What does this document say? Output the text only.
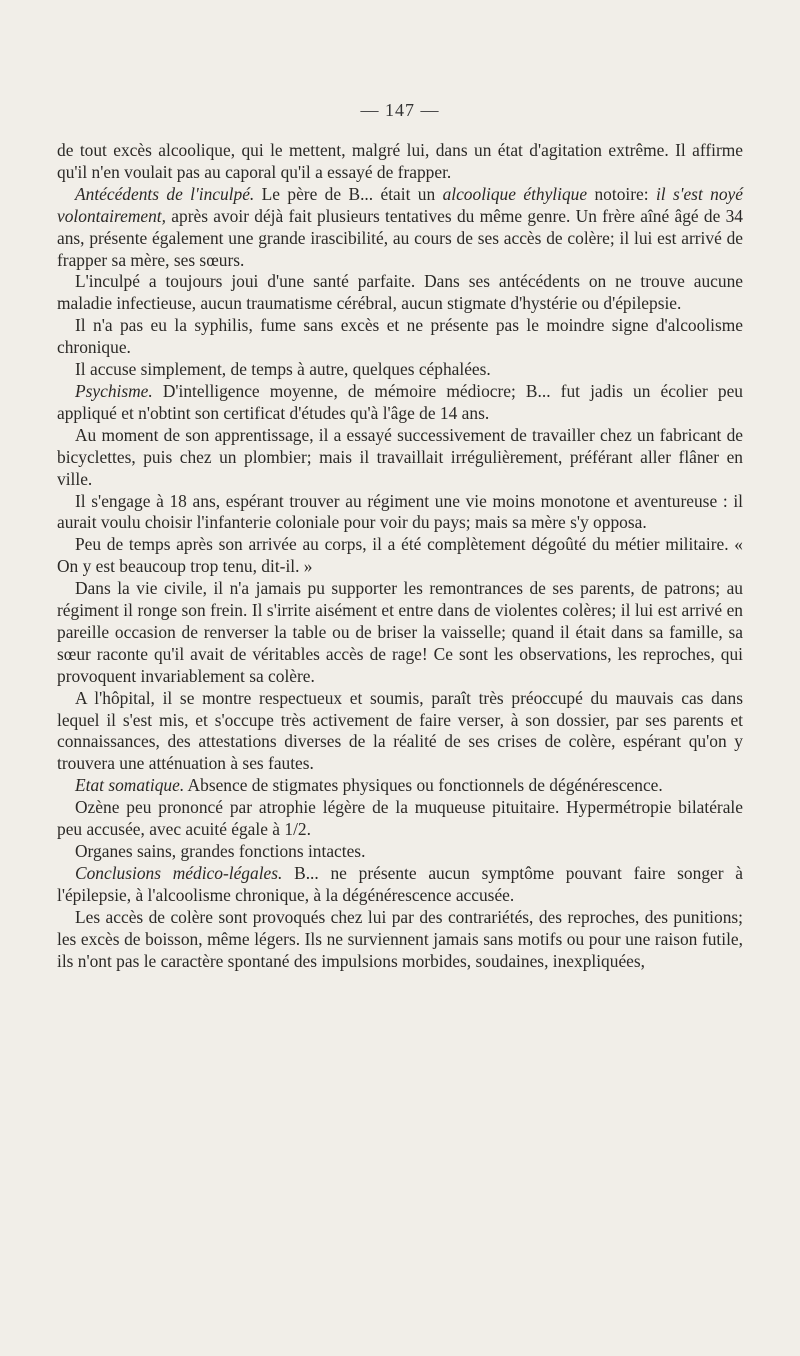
— 147 —

de tout excès alcoolique, qui le mettent, malgré lui, dans un état d'agitation extrême. Il affirme qu'il n'en voulait pas au caporal qu'il a essayé de frapper.

Antécédents de l'inculpé. Le père de B... était un alcoolique éthylique notoire: il s'est noyé volontairement, après avoir déjà fait plusieurs tentatives du même genre. Un frère aîné âgé de 34 ans, présente également une grande irascibilité, au cours de ses accès de colère; il lui est arrivé de frapper sa mère, ses sœurs.

L'inculpé a toujours joui d'une santé parfaite. Dans ses antécédents on ne trouve aucune maladie infectieuse, aucun traumatisme cérébral, aucun stigmate d'hystérie ou d'épilepsie.

Il n'a pas eu la syphilis, fume sans excès et ne présente pas le moindre signe d'alcoolisme chronique.

Il accuse simplement, de temps à autre, quelques céphalées.

Psychisme. D'intelligence moyenne, de mémoire médiocre; B... fut jadis un écolier peu appliqué et n'obtint son certificat d'études qu'à l'âge de 14 ans.

Au moment de son apprentissage, il a essayé successivement de travailler chez un fabricant de bicyclettes, puis chez un plombier; mais il travaillait irrégulièrement, préférant aller flâner en ville.

Il s'engage à 18 ans, espérant trouver au régiment une vie moins monotone et aventureuse : il aurait voulu choisir l'infanterie coloniale pour voir du pays; mais sa mère s'y opposa.

Peu de temps après son arrivée au corps, il a été complètement dégoûté du métier militaire. « On y est beaucoup trop tenu, dit-il. »

Dans la vie civile, il n'a jamais pu supporter les remontrances de ses parents, de patrons; au régiment il ronge son frein. Il s'irrite aisément et entre dans de violentes colères; il lui est arrivé en pareille occasion de renverser la table ou de briser la vaisselle; quand il était dans sa famille, sa sœur raconte qu'il avait de véritables accès de rage! Ce sont les observations, les reproches, qui provoquent invariablement sa colère.

A l'hôpital, il se montre respectueux et soumis, paraît très préoccupé du mauvais cas dans lequel il s'est mis, et s'occupe très activement de faire verser, à son dossier, par ses parents et connaissances, des attestations diverses de la réalité de ses crises de colère, espérant qu'on y trouvera une atténuation à ses fautes.

Etat somatique. Absence de stigmates physiques ou fonctionnels de dégénérescence.

Ozène peu prononcé par atrophie légère de la muqueuse pituitaire. Hypermétropie bilatérale peu accusée, avec acuité égale à 1/2.

Organes sains, grandes fonctions intactes.

Conclusions médico-légales. B... ne présente aucun symptôme pouvant faire songer à l'épilepsie, à l'alcoolisme chronique, à la dégénérescence accusée.

Les accès de colère sont provoqués chez lui par des contrariétés, des reproches, des punitions; les excès de boisson, même légers. Ils ne surviennent jamais sans motifs ou pour une raison futile, ils n'ont pas le caractère spontané des impulsions morbides, soudaines, inexpliquées,
